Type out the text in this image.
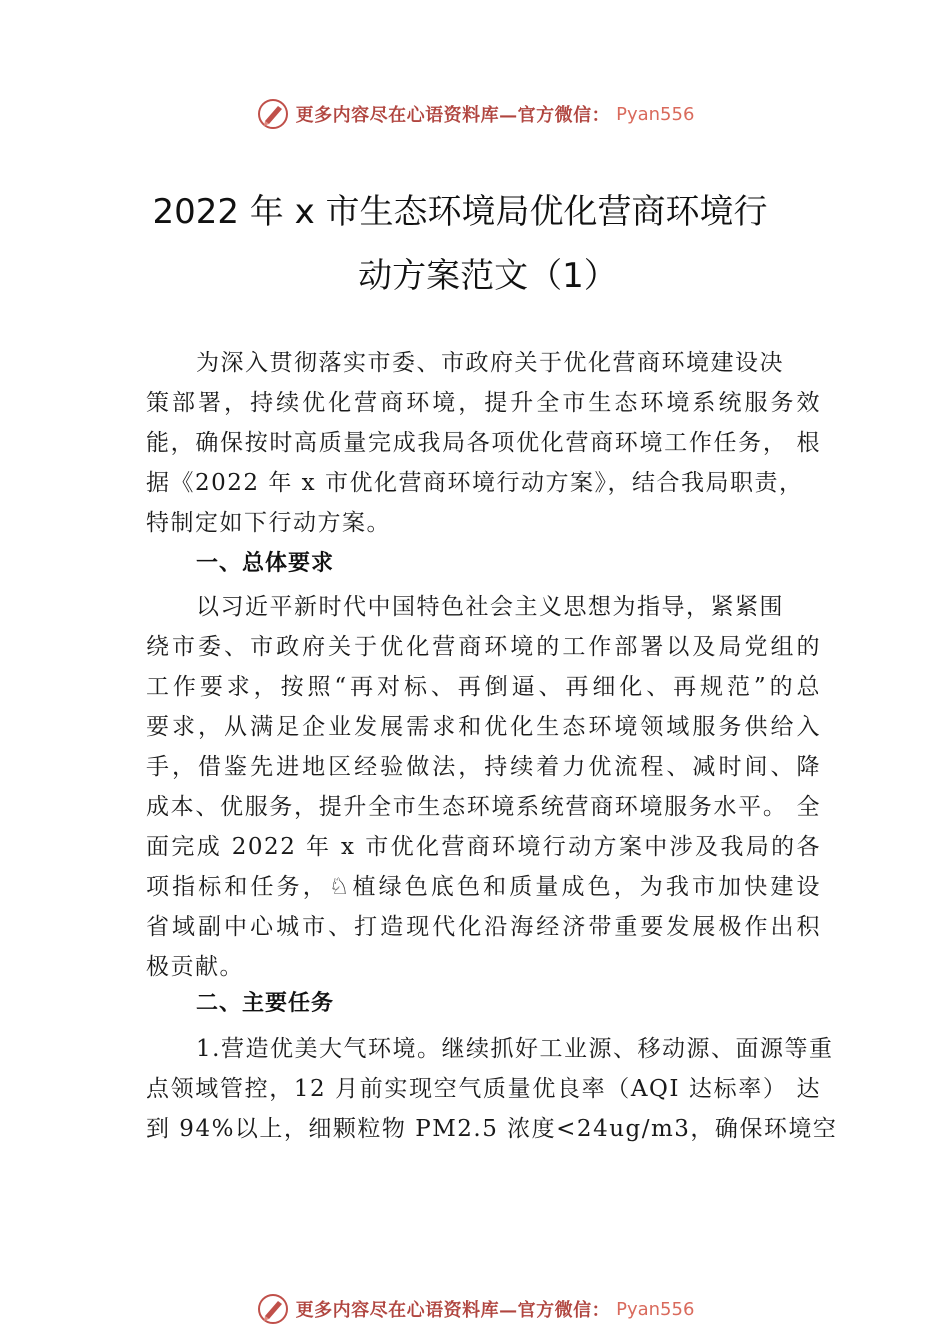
更多内容尽在心语资料库—官方微信： Pyan556
2022 年 x 市生态环境局优化营商环境行
动方案范文（1）
为深入贯彻落实市委、市政府关于优化营商环境建设决
策部署，持续优化营商环境，提升全市生态环境系统服务效
能，确保按时高质量完成我局各项优化营商环境工作任务， 根
据《2022 年 x 市优化营商环境行动方案》，结合我局职责，
特制定如下行动方案。
一、总体要求
以习近平新时代中国特色社会主义思想为指导，紧紧围
绕市委、市政府关于优化营商环境的工作部署以及局党组的
工作要求，按照“再对标、再倒逼、再细化、再规范”的总
要求，从满足企业发展需求和优化生态环境领域服务供给入
手，借鉴先进地区经验做法，持续着力优流程、减时间、降
成本、优服务，提升全市生态环境系统营商环境服务水平。 全
面完成 2022 年 x 市优化营商环境行动方案中涉及我局的各
项指标和任务，♘植绿色底色和质量成色，为我市加快建设
省域副中心城市、打造现代化沿海经济带重要发展极作出积
极贡献。
二、主要任务
1.营造优美大气环境。继续抓好工业源、移动源、面源等重
点领域管控，12 月前实现空气质量优良率（AQI 达标率） 达
到 94%以上，细颗粒物 PM2.5 浓度<24ug/m3，确保环境空
更多内容尽在心语资料库—官方微信： Pyan556
